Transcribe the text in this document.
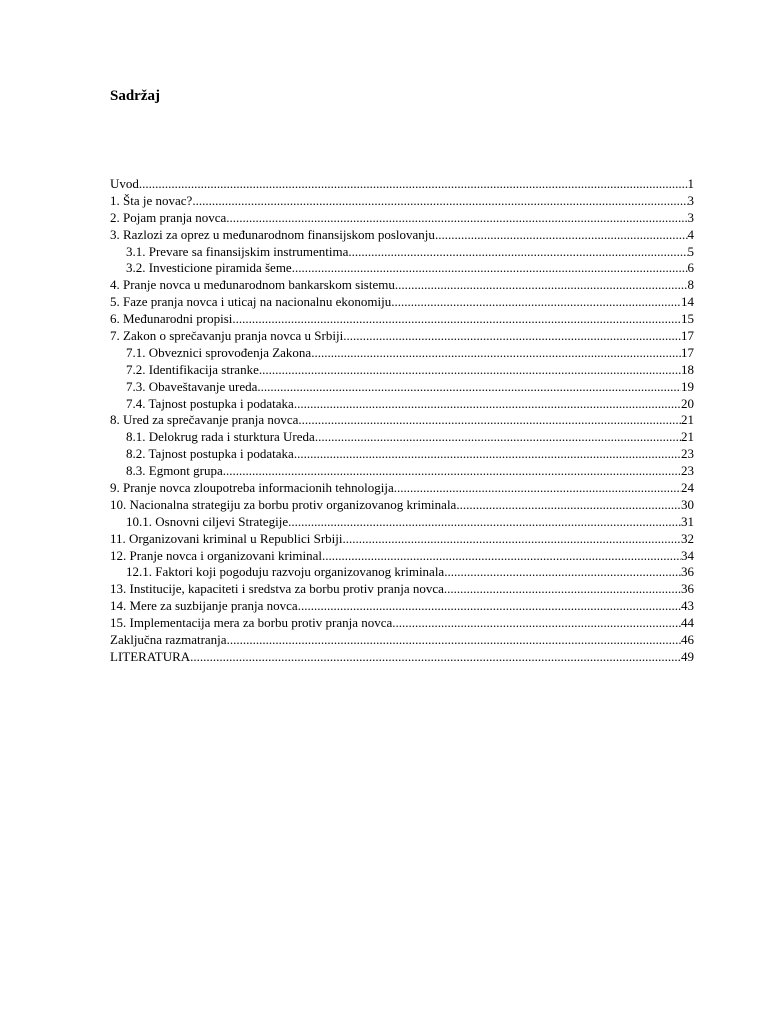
Sadržaj
Uvod .....	1
1. Šta je novac? .....	3
2. Pojam pranja novca .....	3
3. Razlozi za oprez u međunarodnom finansijskom poslovanju .....	4
3.1. Prevare sa finansijskim instrumentima .....	5
3.2. Investicione piramida šeme .....	6
4. Pranje novca u međunarodnom bankarskom sistemu .....	8
5. Faze pranja novca i uticaj na nacionalnu ekonomiju .....	14
6. Međunarodni propisi .....	15
7. Zakon o sprečavanju pranja novca u Srbiji .....	17
7.1. Obveznici sprovođenja Zakona .....	17
7.2. Identifikacija stranke .....	18
7.3. Obaveštavanje ureda .....	19
7.4. Tajnost postupka i podataka .....	20
8. Ured za sprečavanje pranja novca .....	21
8.1. Delokrug rada i sturktura Ureda .....	21
8.2. Tajnost postupka i podataka .....	23
8.3. Egmont grupa .....	23
9. Pranje novca zloupotreba informacionih tehnologija .....	24
10. Nacionalna strategiju za borbu protiv organizovanog kriminala .....	30
10.1. Osnovni ciljevi Strategije .....	31
11. Organizovani kriminal u Republici Srbiji .....	32
12. Pranje novca i organizovani kriminal .....	34
12.1. Faktori koji pogoduju razvoju organizovanog kriminala .....	36
13. Institucije, kapaciteti i sredstva za borbu protiv pranja novca .....	36
14. Mere za suzbijanje pranja novca .....	43
15. Implementacija mera za borbu protiv pranja novca .....	44
Zaključna razmatranja .....	46
LITERATURA .....	49
